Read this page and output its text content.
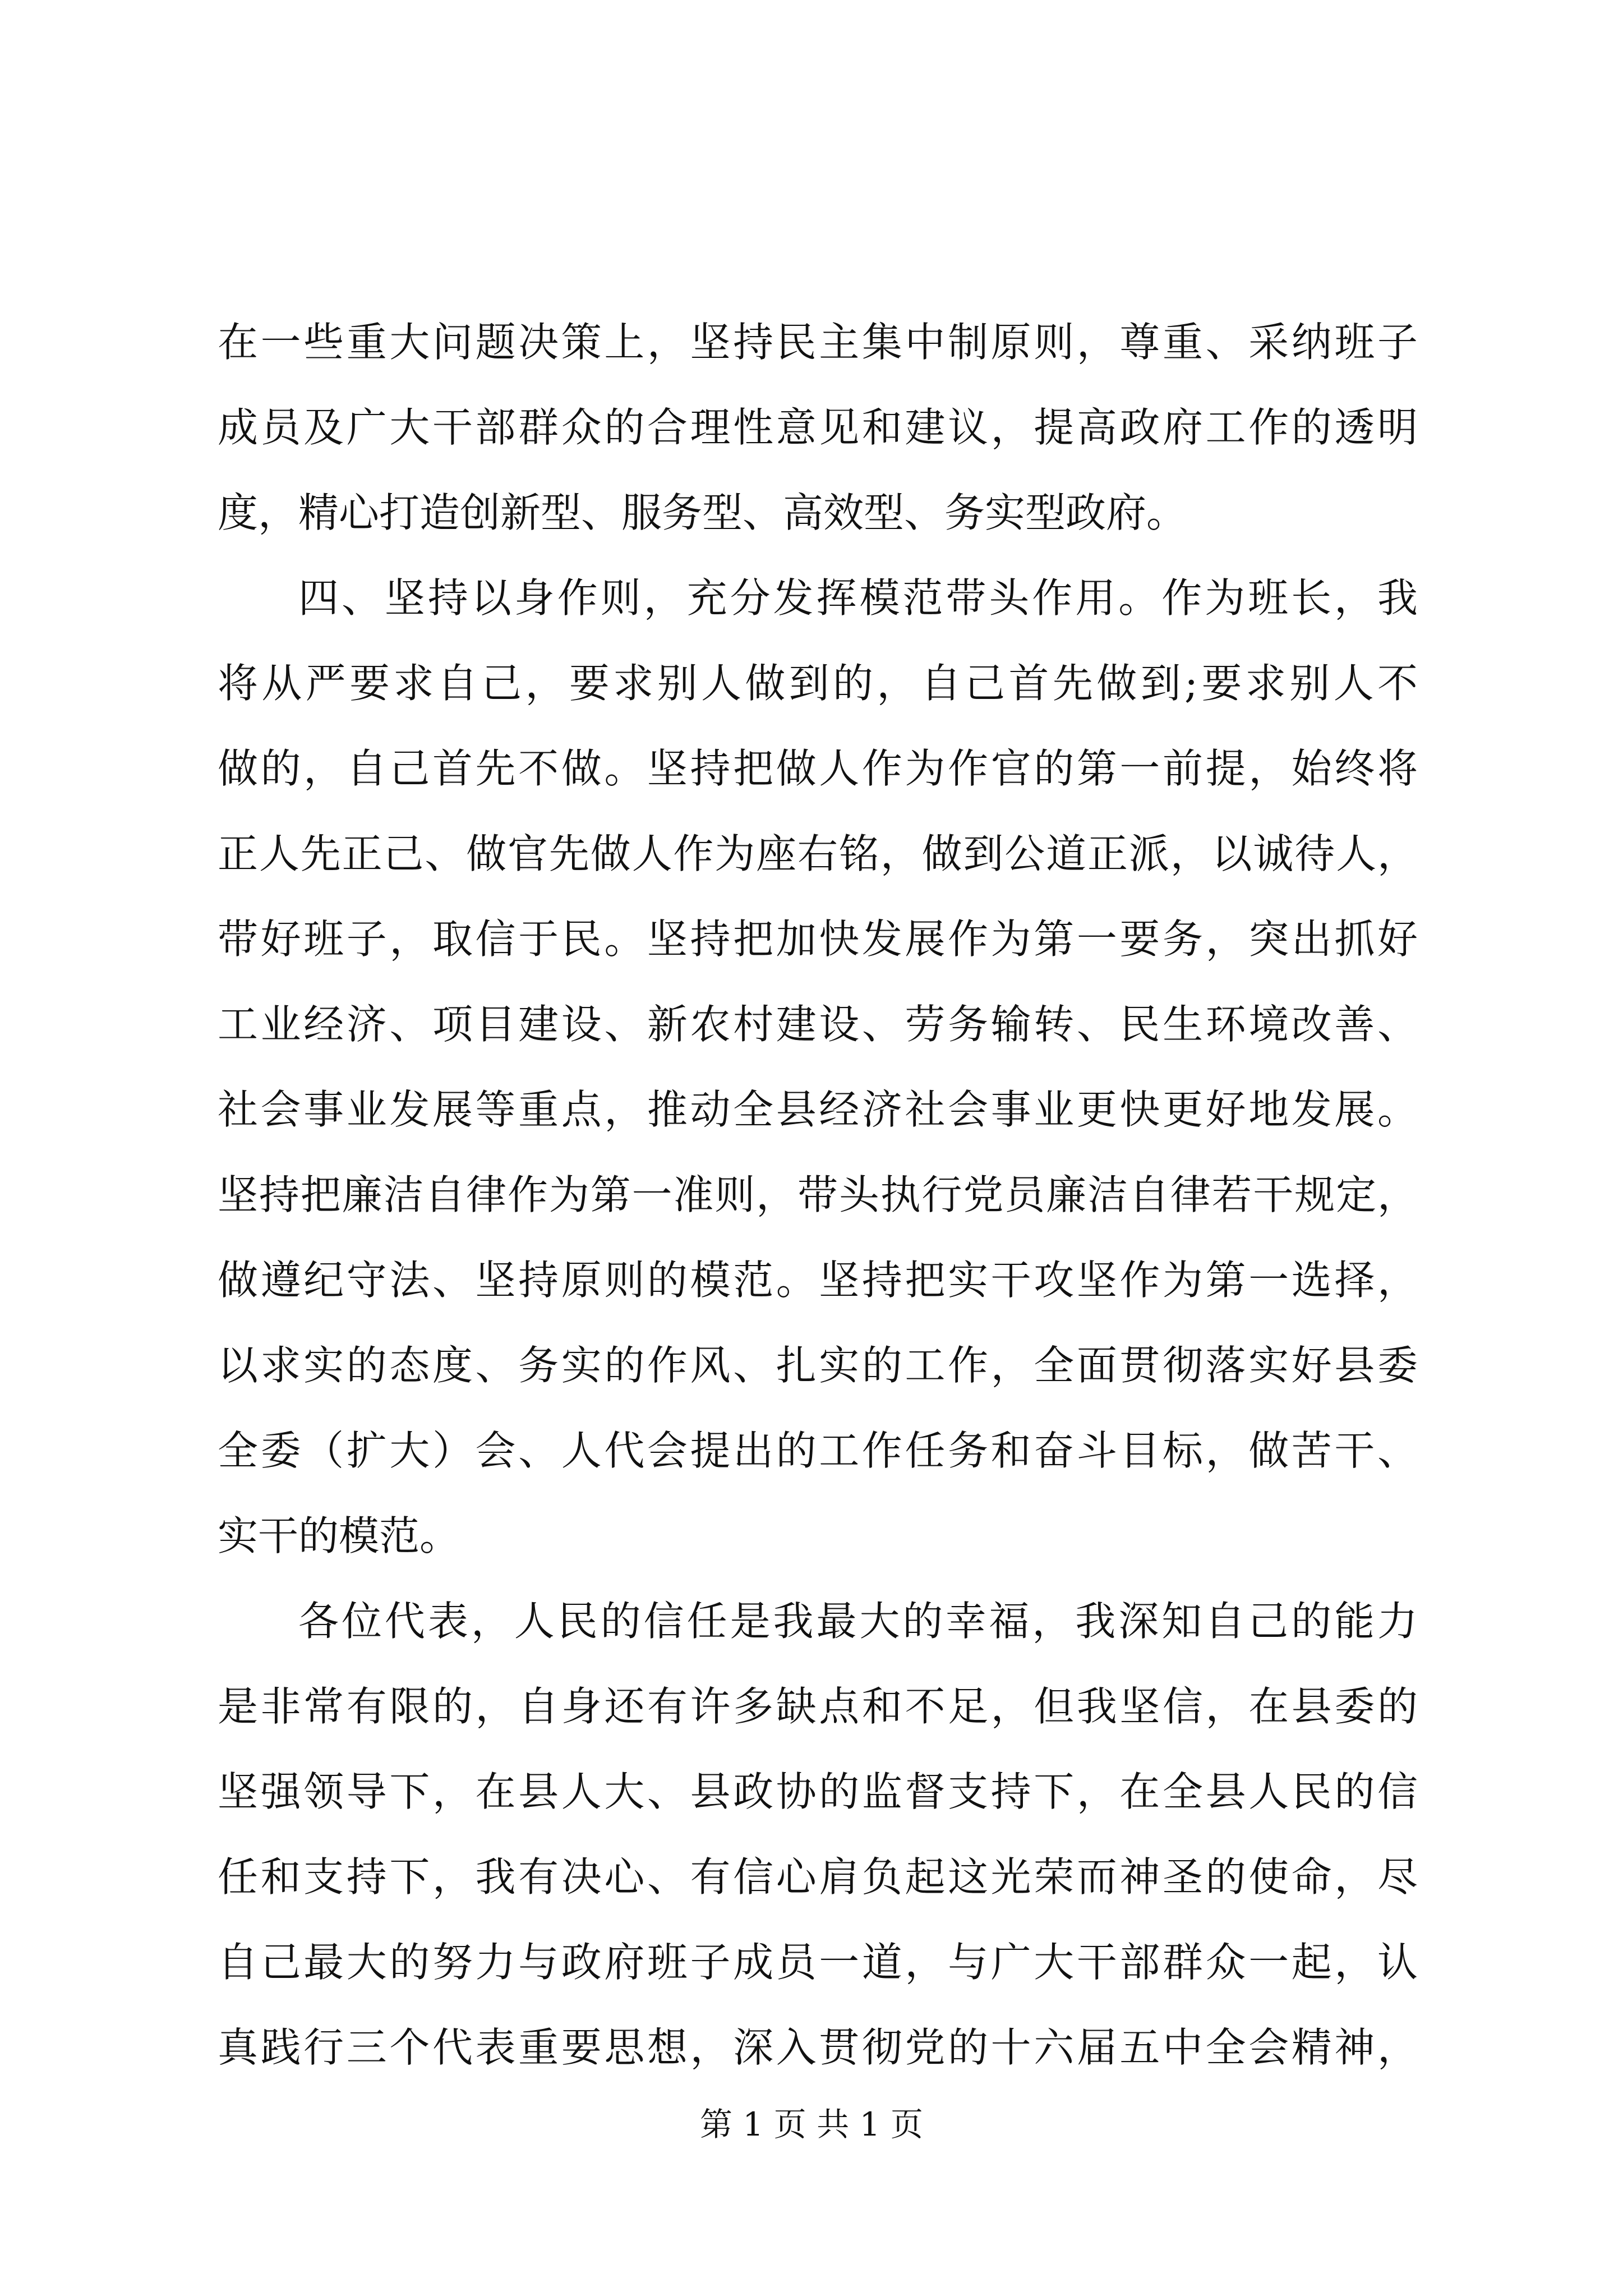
在一些重大问题决策上，坚持民主集中制原则，尊重、采纳班子
成员及广大干部群众的合理性意见和建议，提高政府工作的透明
度，精心打造创新型、服务型、高效型、务实型政府。
四、坚持以身作则，充分发挥模范带头作用。作为班长，我
将从严要求自己，要求别人做到的，自己首先做到;要求别人不
做的，自己首先不做。坚持把做人作为作官的第一前提，始终将
正人先正己、做官先做人作为座右铭，做到公道正派，以诚待人，
带好班子，取信于民。坚持把加快发展作为第一要务，突出抓好
工业经济、项目建设、新农村建设、劳务输转、民生环境改善、
社会事业发展等重点，推动全县经济社会事业更快更好地发展。
坚持把廉洁自律作为第一准则，带头执行党员廉洁自律若干规定，
做遵纪守法、坚持原则的模范。坚持把实干攻坚作为第一选择，
以求实的态度、务实的作风、扎实的工作，全面贯彻落实好县委
全委（扩大）会、人代会提出的工作任务和奋斗目标，做苦干、
实干的模范。
各位代表，人民的信任是我最大的幸福，我深知自己的能力
是非常有限的，自身还有许多缺点和不足，但我坚信，在县委的
坚强领导下，在县人大、县政协的监督支持下，在全县人民的信
任和支持下，我有决心、有信心肩负起这光荣而神圣的使命，尽
自己最大的努力与政府班子成员一道，与广大干部群众一起，认
真践行三个代表重要思想，深入贯彻党的十六届五中全会精神，
第 1 页 共 1 页
